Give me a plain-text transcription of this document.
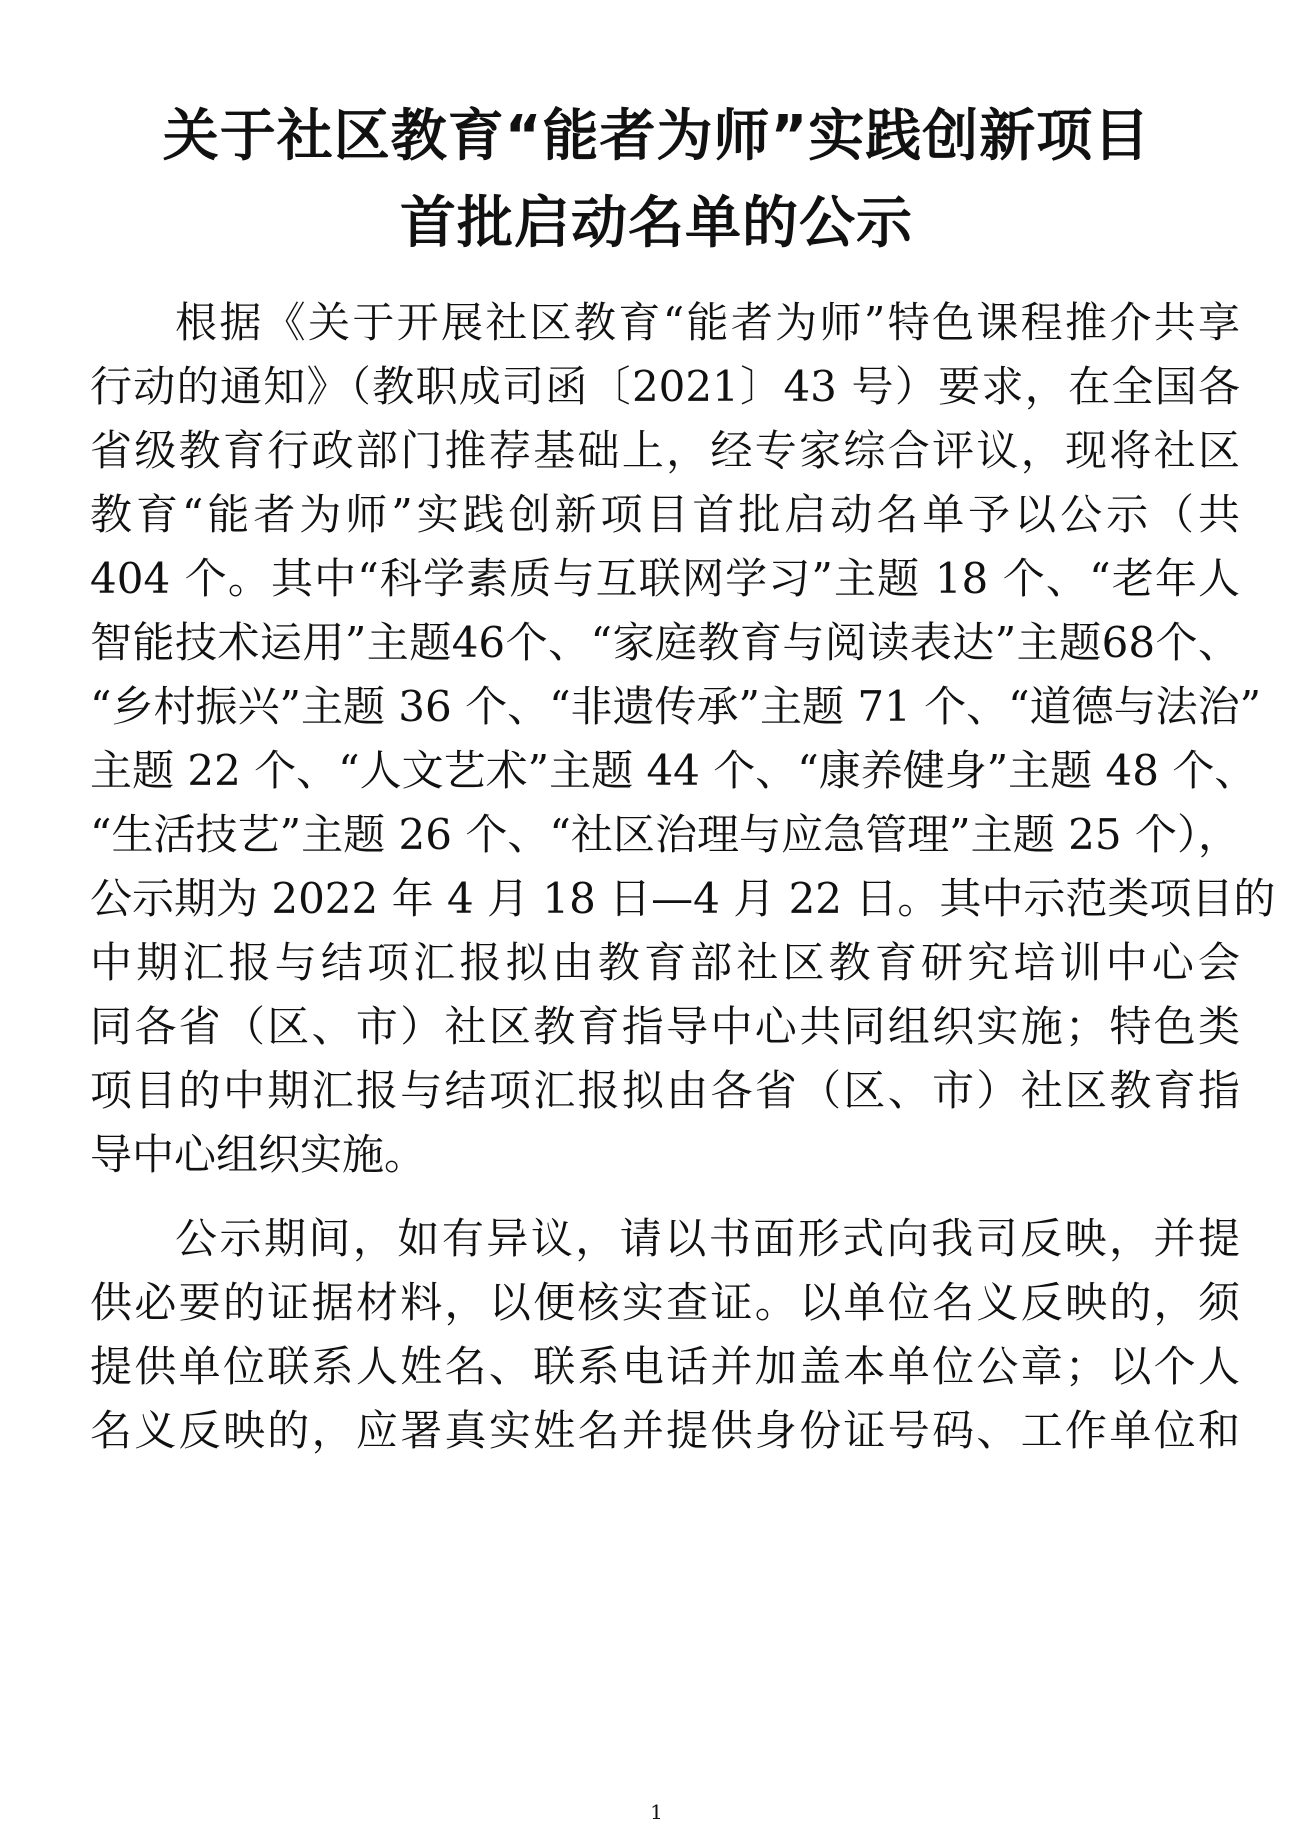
关于社区教育“能者为师”实践创新项目
首批启动名单的公示
根据《关于开展社区教育“能者为师”特色课程推介共享
行动的通知》（教职成司函〔2021〕43 号）要求，在全国各
省级教育行政部门推荐基础上，经专家综合评议，现将社区
教育“能者为师”实践创新项目首批启动名单予以公示（共
404 个。其中“科学素质与互联网学习”主题 18 个、“老年人
智能技术运用”主题46个、“家庭教育与阅读表达”主题68个、
“乡村振兴”主题 36 个、“非遗传承”主题 71 个、“道德与法治”
主题 22 个、“人文艺术”主题 44 个、“康养健身”主题 48 个、
“生活技艺”主题 26 个、“社区治理与应急管理”主题 25 个），
公示期为 2022 年 4 月 18 日—4 月 22 日。其中示范类项目的
中期汇报与结项汇报拟由教育部社区教育研究培训中心会
同各省（区、市）社区教育指导中心共同组织实施；特色类
项目的中期汇报与结项汇报拟由各省（区、市）社区教育指
导中心组织实施。
公示期间，如有异议，请以书面形式向我司反映，并提
供必要的证据材料，以便核实查证。以单位名义反映的，须
提供单位联系人姓名、联系电话并加盖本单位公章；以个人
名义反映的，应署真实姓名并提供身份证号码、工作单位和
1
